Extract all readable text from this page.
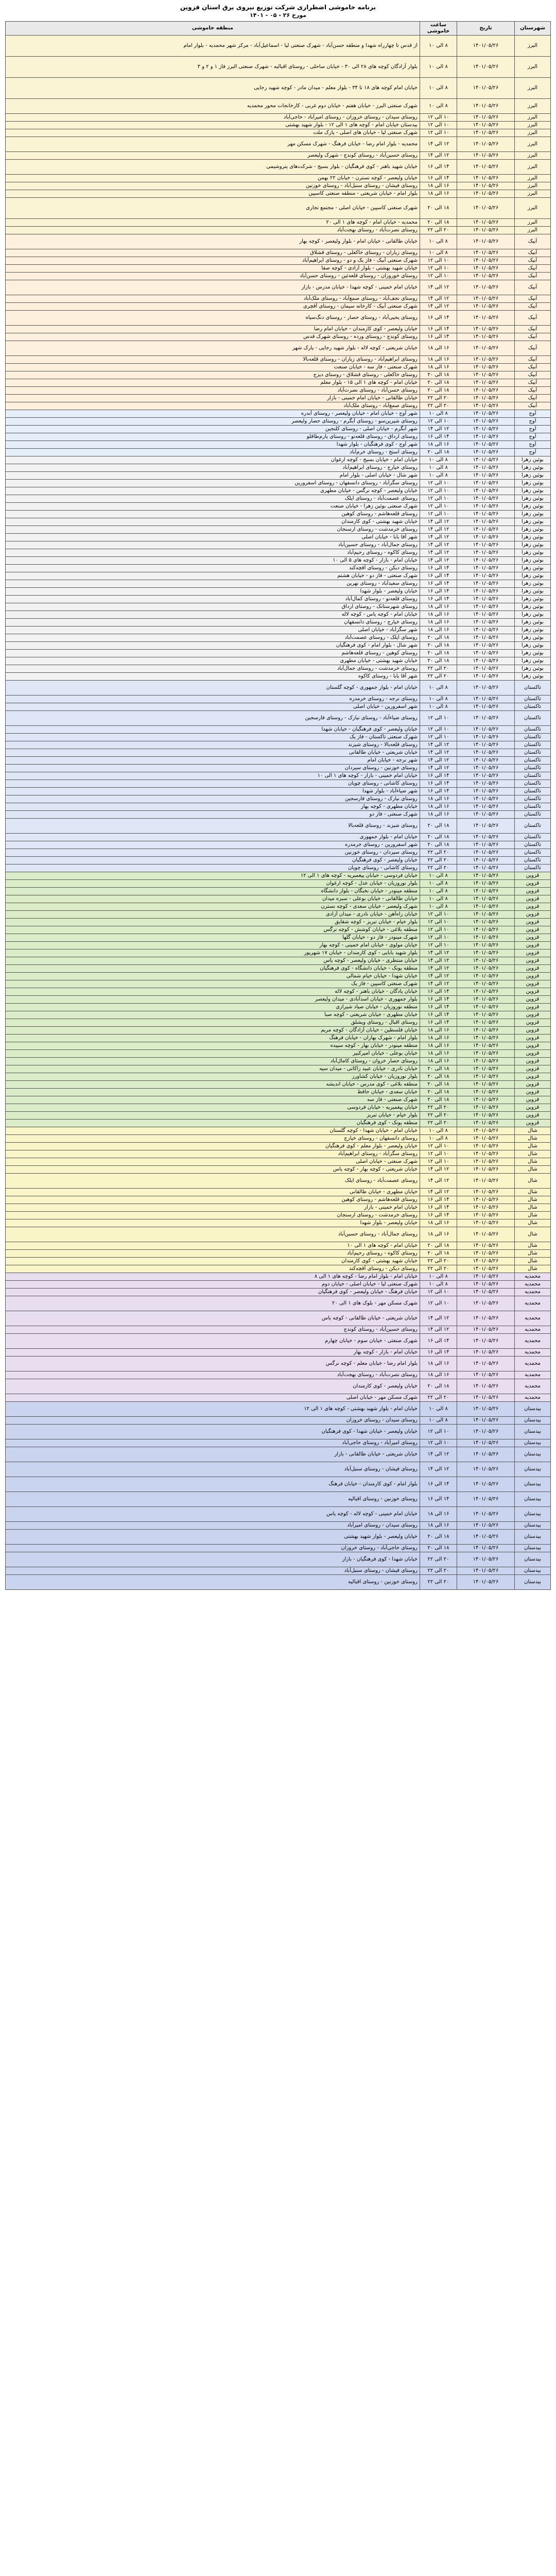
برنامه خاموشی اضطراری شرکت توزیع نیروی برق استان قزوین
مورخ ۲۶ - ۰۵ - ۱۴۰۱
شهرستان	تاریخ	ساعت خاموشی	منطقه خاموشی
البرز	۱۴۰۱/۰۵/۲۶	۸ الی ۱۰	از قدس تا چهارراه شهدا و منطقه حسن‌آباد - شهرک صنعتی لیا - اسماعیل‌آباد - مرکز شهر محمدیه - بلوار امام
البرز	۱۴۰۱/۰۵/۲۶	۸ الی ۱۰	بلوار آزادگان کوچه های ۲۸ الی ۳۰ - خیابان ساحلی - روستای اقبالیه - شهرک صنعتی البرز فاز ۱ و ۲ و ۳
البرز	۱۴۰۱/۰۵/۲۶	۸ الی ۱۰	خیابان امام کوچه های ۱۸ تا ۳۴ - بلوار معلم - میدان مادر - کوچه شهید رجایی
البرز	۱۴۰۱/۰۵/۲۶	۸ الی ۱۰	شهرک صنعتی البرز - خیابان هفتم - خیابان دوم غربی - کارخانجات محور محمدیه
البرز	۱۴۰۱/۰۵/۲۶	۱۰ الی ۱۲	روستای سیدان - روستای خروزان - روستای امیرآباد - حاجی‌آباد
البرز	۱۴۰۱/۰۵/۲۶	۱۰ الی ۱۲	بیدستان خیابان امام - کوچه های ۱ الی ۱۲ - بلوار شهید بهشتی
البرز	۱۴۰۱/۰۵/۲۶	۱۰ الی ۱۲	شهرک صنعتی لیا - خیابان های اصلی - پارک ملت
البرز	۱۴۰۱/۰۵/۲۶	۱۲ الی ۱۴	محمدیه - بلوار امام رضا - خیابان فرهنگ - شهرک مسکن مهر
البرز	۱۴۰۱/۰۵/۲۶	۱۲ الی ۱۴	روستای حسین‌آباد - روستای کوندج - شهرک ولیعصر
البرز	۱۴۰۱/۰۵/۲۶	۱۴ الی ۱۶	خیابان شهید باهنر - کوی فرهنگیان - بلوار بسیج - شرکت‌های پتروشیمی
البرز	۱۴۰۱/۰۵/۲۶	۱۴ الی ۱۶	خیابان ولیعصر - کوچه نسترن - خیابان ۲۲ بهمن
البرز	۱۴۰۱/۰۵/۲۶	۱۶ الی ۱۸	روستای فیشان - روستای سنبل‌آباد - روستای خوزنین
البرز	۱۴۰۱/۰۵/۲۶	۱۶ الی ۱۸	بلوار امام - خیابان شریعتی - منطقه صنعتی کاسپین
البرز	۱۴۰۱/۰۵/۲۶	۱۸ الی ۲۰	شهرک صنعتی کاسپین - خیابان اصلی - مجتمع تجاری
البرز	۱۴۰۱/۰۵/۲۶	۱۸ الی ۲۰	محمدیه - خیابان امام - کوچه های ۱ الی ۲۰
البرز	۱۴۰۱/۰۵/۲۶	۲۰ الی ۲۲	روستای نصرت‌آباد - روستای بهجت‌آباد
آبیک	۱۴۰۱/۰۵/۲۶	۸ الی ۱۰	خیابان طالقانی - خیابان امام - بلوار ولیعصر - کوچه بهار
آبیک	۱۴۰۱/۰۵/۲۶	۸ الی ۱۰	روستای زیاران - روستای خاکعلی - روستای قشلاق
آبیک	۱۴۰۱/۰۵/۲۶	۱۰ الی ۱۲	شهرک صنعتی آبیک - فاز یک و دو - روستای ابراهیم‌آباد
آبیک	۱۴۰۱/۰۵/۲۶	۱۰ الی ۱۲	خیابان شهید بهشتی - بلوار آزادی - کوچه صفا
آبیک	۱۴۰۱/۰۵/۲۶	۱۰ الی ۱۲	روستای خوروزان - روستای قلعه‌ئین - روستای حسن‌آباد
آبیک	۱۴۰۱/۰۵/۲۶	۱۲ الی ۱۴	خیابان امام خمینی - کوچه شهدا - خیابان مدرس - بازار
آبیک	۱۴۰۱/۰۵/۲۶	۱۲ الی ۱۴	روستای نجف‌آباد - روستای صمغ‌آباد - روستای ملک‌آباد
آبیک	۱۴۰۱/۰۵/۲۶	۱۲ الی ۱۴	شهرک صنعتی آبیک - کارخانه سیمان - روستای آقچری
آبیک	۱۴۰۱/۰۵/۲۶	۱۴ الی ۱۶	روستای یحیی‌آباد - روستای حصار - روستای دنگ‌سیاه
آبیک	۱۴۰۱/۰۵/۲۶	۱۴ الی ۱۶	خیابان ولیعصر - کوی کارمندان - خیابان امام رضا
آبیک	۱۴۰۱/۰۵/۲۶	۱۴ الی ۱۶	روستای کوندج - روستای ورده - روستای شهرک قدس
آبیک	۱۴۰۱/۰۵/۲۶	۱۶ الی ۱۸	خیابان شریعتی - کوچه لاله - بلوار شهید رجایی - پارک شهر
آبیک	۱۴۰۱/۰۵/۲۶	۱۶ الی ۱۸	روستای ابراهیم‌آباد - روستای زیاران - روستای قلعه‌بالا
آبیک	۱۴۰۱/۰۵/۲۶	۱۶ الی ۱۸	شهرک صنعتی - فاز سه - خیابان صنعت
آبیک	۱۴۰۱/۰۵/۲۶	۱۸ الی ۲۰	روستای خاکعلی - روستای قشلاق - روستای دیزج
آبیک	۱۴۰۱/۰۵/۲۶	۱۸ الی ۲۰	خیابان امام - کوچه های ۱ الی ۱۵ - بلوار معلم
آبیک	۱۴۰۱/۰۵/۲۶	۱۸ الی ۲۰	روستای حسن‌آباد - روستای نصرت‌آباد
آبیک	۱۴۰۱/۰۵/۲۶	۲۰ الی ۲۲	خیابان طالقانی - خیابان امام خمینی - بازار
آبیک	۱۴۰۱/۰۵/۲۶	۲۰ الی ۲۲	روستای صمغ‌آباد - روستای ملک‌آباد
آوج	۱۴۰۱/۰۵/۲۶	۸ الی ۱۰	شهر آوج - خیابان امام - خیابان ولیعصر - روستای آبدره
آوج	۱۴۰۱/۰۵/۲۶	۱۰ الی ۱۲	روستای شیرین‌سو - روستای آبگرم - روستای حصار ولیعصر
آوج	۱۴۰۱/۰۵/۲۶	۱۲ الی ۱۴	شهر آبگرم - خیابان اصلی - روستای کلنجین
آوج	۱۴۰۱/۰۵/۲۶	۱۴ الی ۱۶	روستای ارداق - روستای قلعه‌نو - روستای یارم‌طاقلو
آوج	۱۴۰۱/۰۵/۲۶	۱۶ الی ۱۸	شهر آوج - کوی فرهنگیان - بلوار شهدا
آوج	۱۴۰۱/۰۵/۲۶	۱۸ الی ۲۰	روستای استج - روستای خرم‌آباد
بوئین زهرا	۱۴۰۱/۰۵/۲۶	۸ الی ۱۰	خیابان امام - خیابان بسیج - کوچه ارغوان
بوئین زهرا	۱۴۰۱/۰۵/۲۶	۸ الی ۱۰	روستای خیارج - روستای ابراهیم‌آباد
بوئین زهرا	۱۴۰۱/۰۵/۲۶	۸ الی ۱۰	شهر شال - خیابان اصلی - بلوار امام
بوئین زهرا	۱۴۰۱/۰۵/۲۶	۱۰ الی ۱۲	روستای سگزآباد - روستای دانسفهان - روستای اسفرورین
بوئین زهرا	۱۴۰۱/۰۵/۲۶	۱۰ الی ۱۲	خیابان ولیعصر - کوچه نرگس - خیابان مطهری
بوئین زهرا	۱۴۰۱/۰۵/۲۶	۱۰ الی ۱۲	روستای عصمت‌آباد - روستای ایلک
بوئین زهرا	۱۴۰۱/۰۵/۲۶	۱۰ الی ۱۲	شهرک صنعتی بوئین زهرا - خیابان صنعت
بوئین زهرا	۱۴۰۱/۰۵/۲۶	۱۰ الی ۱۲	روستای قلعه‌هاشم - روستای کوهین
بوئین زهرا	۱۴۰۱/۰۵/۲۶	۱۲ الی ۱۴	خیابان شهید بهشتی - کوی کارمندان
بوئین زهرا	۱۴۰۱/۰۵/۲۶	۱۲ الی ۱۴	روستای خرمدشت - روستای ارسنجان
بوئین زهرا	۱۴۰۱/۰۵/۲۶	۱۲ الی ۱۴	شهر آقا بابا - خیابان اصلی
بوئین زهرا	۱۴۰۱/۰۵/۲۶	۱۲ الی ۱۴	روستای جمال‌آباد - روستای حسین‌آباد
بوئین زهرا	۱۴۰۱/۰۵/۲۶	۱۲ الی ۱۴	روستای کاکوه - روستای رحیم‌آباد
بوئین زهرا	۱۴۰۱/۰۵/۲۶	۱۲ الی ۱۴	خیابان امام - بازار - کوچه های ۵ الی ۱۰
بوئین زهرا	۱۴۰۱/۰۵/۲۶	۱۴ الی ۱۶	روستای دیکن - روستای آقچه‌کند
بوئین زهرا	۱۴۰۱/۰۵/۲۶	۱۴ الی ۱۶	شهرک صنعتی - فاز دو - خیابان هشتم
بوئین زهرا	۱۴۰۱/۰۵/۲۶	۱۴ الی ۱۶	روستای سعیدآباد - روستای نهرین
بوئین زهرا	۱۴۰۱/۰۵/۲۶	۱۴ الی ۱۶	خیابان ولیعصر - بلوار شهدا
بوئین زهرا	۱۴۰۱/۰۵/۲۶	۱۴ الی ۱۶	روستای قلعه‌نو - روستای کمال‌آباد
بوئین زهرا	۱۴۰۱/۰۵/۲۶	۱۶ الی ۱۸	روستای شهرستانک - روستای ارداق
بوئین زهرا	۱۴۰۱/۰۵/۲۶	۱۶ الی ۱۸	خیابان امام - کوچه یاس - کوچه لاله
بوئین زهرا	۱۴۰۱/۰۵/۲۶	۱۶ الی ۱۸	روستای خیارج - روستای دانسفهان
بوئین زهرا	۱۴۰۱/۰۵/۲۶	۱۶ الی ۱۸	شهر سگزآباد - خیابان اصلی
بوئین زهرا	۱۴۰۱/۰۵/۲۶	۱۸ الی ۲۰	روستای ایلک - روستای عصمت‌آباد
بوئین زهرا	۱۴۰۱/۰۵/۲۶	۱۸ الی ۲۰	شهر شال - بلوار امام - کوی فرهنگیان
بوئین زهرا	۱۴۰۱/۰۵/۲۶	۱۸ الی ۲۰	روستای کوهین - روستای قلعه‌هاشم
بوئین زهرا	۱۴۰۱/۰۵/۲۶	۱۸ الی ۲۰	خیابان شهید بهشتی - خیابان مطهری
بوئین زهرا	۱۴۰۱/۰۵/۲۶	۲۰ الی ۲۲	روستای خرمدشت - روستای جمال‌آباد
بوئین زهرا	۱۴۰۱/۰۵/۲۶	۲۰ الی ۲۲	شهر آقا بابا - روستای کاکوه
تاکستان	۱۴۰۱/۰۵/۲۶	۸ الی ۱۰	خیابان امام - بلوار جمهوری - کوچه گلستان
تاکستان	۱۴۰۱/۰۵/۲۶	۸ الی ۱۰	روستای نرجه - روستای خرمدره
تاکستان	۱۴۰۱/۰۵/۲۶	۸ الی ۱۰	شهر اسفرورین - خیابان اصلی
تاکستان	۱۴۰۱/۰۵/۲۶	۱۰ الی ۱۲	روستای ضیاءآباد - روستای نیارک - روستای فارسجین
تاکستان	۱۴۰۱/۰۵/۲۶	۱۰ الی ۱۲	خیابان ولیعصر - کوی فرهنگیان - خیابان شهدا
تاکستان	۱۴۰۱/۰۵/۲۶	۱۰ الی ۱۲	شهرک صنعتی تاکستان - فاز یک
تاکستان	۱۴۰۱/۰۵/۲۶	۱۲ الی ۱۴	روستای قلعه‌بالا - روستای شیزند
تاکستان	۱۴۰۱/۰۵/۲۶	۱۲ الی ۱۴	خیابان شریعتی - خیابان طالقانی
تاکستان	۱۴۰۱/۰۵/۲۶	۱۲ الی ۱۴	شهر نرجه - خیابان امام
تاکستان	۱۴۰۱/۰۵/۲۶	۱۲ الی ۱۴	روستای خوزنین - روستای سیردان
تاکستان	۱۴۰۱/۰۵/۲۶	۱۴ الی ۱۶	خیابان امام خمینی - بازار - کوچه های ۱ الی ۱۰
تاکستان	۱۴۰۱/۰۵/۲۶	۱۴ الی ۱۶	روستای کاشانی - روستای چوپان
تاکستان	۱۴۰۱/۰۵/۲۶	۱۴ الی ۱۶	شهر ضیاءآباد - بلوار شهدا
تاکستان	۱۴۰۱/۰۵/۲۶	۱۶ الی ۱۸	روستای نیارک - روستای فارسجین
تاکستان	۱۴۰۱/۰۵/۲۶	۱۶ الی ۱۸	خیابان مطهری - کوچه بهار
تاکستان	۱۴۰۱/۰۵/۲۶	۱۶ الی ۱۸	شهرک صنعتی - فاز دو
تاکستان	۱۴۰۱/۰۵/۲۶	۱۸ الی ۲۰	روستای شیزند - روستای قلعه‌بالا
تاکستان	۱۴۰۱/۰۵/۲۶	۱۸ الی ۲۰	خیابان امام - بلوار جمهوری
تاکستان	۱۴۰۱/۰۵/۲۶	۱۸ الی ۲۰	شهر اسفرورین - روستای خرمدره
تاکستان	۱۴۰۱/۰۵/۲۶	۲۰ الی ۲۲	روستای سیردان - روستای خوزنین
تاکستان	۱۴۰۱/۰۵/۲۶	۲۰ الی ۲۲	خیابان ولیعصر - کوی فرهنگیان
تاکستان	۱۴۰۱/۰۵/۲۶	۲۰ الی ۲۲	روستای کاشانی - روستای چوپان
قزوین	۱۴۰۱/۰۵/۲۶	۸ الی ۱۰	خیابان فردوسی - خیابان پیغمبریه - کوچه های ۱ الی ۱۲
قزوین	۱۴۰۱/۰۵/۲۶	۸ الی ۱۰	بلوار نوروزیان - خیابان عدل - کوچه ارغوان
قزوین	۱۴۰۱/۰۵/۲۶	۸ الی ۱۰	منطقه مینودر - خیابان نخبگان - بلوار دانشگاه
قزوین	۱۴۰۱/۰۵/۲۶	۸ الی ۱۰	خیابان طالقانی - خیابان بوعلی - سبزه میدان
قزوین	۱۴۰۱/۰۵/۲۶	۸ الی ۱۰	شهرک ولیعصر - خیابان سعدی - کوچه نسترن
قزوین	۱۴۰۱/۰۵/۲۶	۱۰ الی ۱۲	خیابان راه‌آهن - خیابان نادری - میدان آزادی
قزوین	۱۴۰۱/۰۵/۲۶	۱۰ الی ۱۲	بلوار خیام - خیابان تبریز - کوچه شقایق
قزوین	۱۴۰۱/۰۵/۲۶	۱۰ الی ۱۲	منطقه بلاغی - خیابان کوشش - کوچه نرگس
قزوین	۱۴۰۱/۰۵/۲۶	۱۰ الی ۱۲	شهرک مینودر - فاز دو - خیابان گلها
قزوین	۱۴۰۱/۰۵/۲۶	۱۰ الی ۱۲	خیابان مولوی - خیابان امام خمینی - کوچه بهار
قزوین	۱۴۰۱/۰۵/۲۶	۱۲ الی ۱۴	بلوار شهید بابایی - کوی کارمندان - خیابان ۱۷ شهریور
قزوین	۱۴۰۱/۰۵/۲۶	۱۲ الی ۱۴	خیابان منتظری - خیابان ولیعصر - کوچه یاس
قزوین	۱۴۰۱/۰۵/۲۶	۱۲ الی ۱۴	منطقه پونک - خیابان دانشگاه - کوی فرهنگیان
قزوین	۱۴۰۱/۰۵/۲۶	۱۲ الی ۱۴	خیابان شهدا - خیابان خیام شمالی
قزوین	۱۴۰۱/۰۵/۲۶	۱۲ الی ۱۴	شهرک صنعتی کاسپین - فاز یک
قزوین	۱۴۰۱/۰۵/۲۶	۱۴ الی ۱۶	خیابان پادگان - خیابان باهنر - کوچه لاله
قزوین	۱۴۰۱/۰۵/۲۶	۱۴ الی ۱۶	بلوار جمهوری - خیابان اسدآبادی - میدان ولیعصر
قزوین	۱۴۰۱/۰۵/۲۶	۱۴ الی ۱۶	منطقه نوروزیان - خیابان صیاد شیرازی
قزوین	۱۴۰۱/۰۵/۲۶	۱۴ الی ۱۶	خیابان مطهری - خیابان شریعتی - کوچه صبا
قزوین	۱۴۰۱/۰۵/۲۶	۱۴ الی ۱۶	روستای اقبال - روستای ویشلق
قزوین	۱۴۰۱/۰۵/۲۶	۱۶ الی ۱۸	خیابان فلسطین - خیابان آزادگان - کوچه مریم
قزوین	۱۴۰۱/۰۵/۲۶	۱۶ الی ۱۸	بلوار امام - شهرک بهاران - خیابان فرهنگ
قزوین	۱۴۰۱/۰۵/۲۶	۱۶ الی ۱۸	منطقه مینودر - خیابان بهار - کوچه سپیده
قزوین	۱۴۰۱/۰۵/۲۶	۱۶ الی ۱۸	خیابان بوعلی - خیابان امیرکبیر
قزوین	۱۴۰۱/۰۵/۲۶	۱۶ الی ۱۸	روستای حصار خروان - روستای کامال‌آباد
قزوین	۱۴۰۱/۰۵/۲۶	۱۸ الی ۲۰	خیابان نادری - خیابان عبید زاکانی - میدان سپه
قزوین	۱۴۰۱/۰۵/۲۶	۱۸ الی ۲۰	بلوار نوروزیان - خیابان کشاورز
قزوین	۱۴۰۱/۰۵/۲۶	۱۸ الی ۲۰	منطقه بلاغی - کوی مدرس - خیابان اندیشه
قزوین	۱۴۰۱/۰۵/۲۶	۱۸ الی ۲۰	خیابان سعدی - خیابان حافظ
قزوین	۱۴۰۱/۰۵/۲۶	۱۸ الی ۲۰	شهرک صنعتی - فاز سه
قزوین	۱۴۰۱/۰۵/۲۶	۲۰ الی ۲۲	خیابان پیغمبریه - خیابان فردوسی
قزوین	۱۴۰۱/۰۵/۲۶	۲۰ الی ۲۲	بلوار خیام - خیابان تبریز
قزوین	۱۴۰۱/۰۵/۲۶	۲۰ الی ۲۲	منطقه پونک - کوی فرهنگیان
شال	۱۴۰۱/۰۵/۲۶	۸ الی ۱۰	خیابان امام - خیابان شهدا - کوچه گلستان
شال	۱۴۰۱/۰۵/۲۶	۸ الی ۱۰	روستای دانسفهان - روستای خیارج
شال	۱۴۰۱/۰۵/۲۶	۱۰ الی ۱۲	خیابان ولیعصر - بلوار معلم - کوی فرهنگیان
شال	۱۴۰۱/۰۵/۲۶	۱۰ الی ۱۲	روستای سگزآباد - روستای ابراهیم‌آباد
شال	۱۴۰۱/۰۵/۲۶	۱۰ الی ۱۲	شهرک صنعتی - خیابان اصلی
شال	۱۴۰۱/۰۵/۲۶	۱۲ الی ۱۴	خیابان شریعتی - کوچه بهار - کوچه یاس
شال	۱۴۰۱/۰۵/۲۶	۱۲ الی ۱۴	روستای عصمت‌آباد - روستای ایلک
شال	۱۴۰۱/۰۵/۲۶	۱۲ الی ۱۴	خیابان مطهری - خیابان طالقانی
شال	۱۴۰۱/۰۵/۲۶	۱۴ الی ۱۶	روستای قلعه‌هاشم - روستای کوهین
شال	۱۴۰۱/۰۵/۲۶	۱۴ الی ۱۶	خیابان امام خمینی - بازار
شال	۱۴۰۱/۰۵/۲۶	۱۴ الی ۱۶	روستای خرمدشت - روستای ارسنجان
شال	۱۴۰۱/۰۵/۲۶	۱۶ الی ۱۸	خیابان ولیعصر - بلوار شهدا
شال	۱۴۰۱/۰۵/۲۶	۱۶ الی ۱۸	روستای جمال‌آباد - روستای حسین‌آباد
شال	۱۴۰۱/۰۵/۲۶	۱۸ الی ۲۰	خیابان امام - کوچه های ۱ الی ۱۰
شال	۱۴۰۱/۰۵/۲۶	۱۸ الی ۲۰	روستای کاکوه - روستای رحیم‌آباد
شال	۱۴۰۱/۰۵/۲۶	۲۰ الی ۲۲	خیابان شهید بهشتی - کوی کارمندان
شال	۱۴۰۱/۰۵/۲۶	۲۰ الی ۲۲	روستای دیکن - روستای آقچه‌کند
محمدیه	۱۴۰۱/۰۵/۲۶	۸ الی ۱۰	خیابان امام - بلوار امام رضا - کوچه های ۱ الی ۸
محمدیه	۱۴۰۱/۰۵/۲۶	۸ الی ۱۰	شهرک صنعتی لیا - خیابان اصلی - خیابان دوم
محمدیه	۱۴۰۱/۰۵/۲۶	۱۰ الی ۱۲	خیابان فرهنگ - خیابان ولیعصر - کوی فرهنگیان
محمدیه	۱۴۰۱/۰۵/۲۶	۱۰ الی ۱۲	شهرک مسکن مهر - بلوک های ۱ الی ۲۰
محمدیه	۱۴۰۱/۰۵/۲۶	۱۲ الی ۱۴	خیابان شریعتی - خیابان طالقانی - کوچه یاس
محمدیه	۱۴۰۱/۰۵/۲۶	۱۲ الی ۱۴	روستای حسین‌آباد - روستای کوندج
محمدیه	۱۴۰۱/۰۵/۲۶	۱۴ الی ۱۶	شهرک صنعتی - خیابان سوم - خیابان چهارم
محمدیه	۱۴۰۱/۰۵/۲۶	۱۴ الی ۱۶	خیابان امام - بازار - کوچه بهار
محمدیه	۱۴۰۱/۰۵/۲۶	۱۶ الی ۱۸	بلوار امام رضا - خیابان معلم - کوچه نرگس
محمدیه	۱۴۰۱/۰۵/۲۶	۱۶ الی ۱۸	روستای نصرت‌آباد - روستای بهجت‌آباد
محمدیه	۱۴۰۱/۰۵/۲۶	۱۸ الی ۲۰	خیابان ولیعصر - کوی کارمندان
محمدیه	۱۴۰۱/۰۵/۲۶	۲۰ الی ۲۲	شهرک مسکن مهر - خیابان اصلی
بیدستان	۱۴۰۱/۰۵/۲۶	۸ الی ۱۰	خیابان امام - بلوار شهید بهشتی - کوچه های ۱ الی ۱۲
بیدستان	۱۴۰۱/۰۵/۲۶	۸ الی ۱۰	روستای سیدان - روستای خروزان
بیدستان	۱۴۰۱/۰۵/۲۶	۱۰ الی ۱۲	خیابان ولیعصر - خیابان شهدا - کوی فرهنگیان
بیدستان	۱۴۰۱/۰۵/۲۶	۱۰ الی ۱۲	روستای امیرآباد - روستای حاجی‌آباد
بیدستان	۱۴۰۱/۰۵/۲۶	۱۲ الی ۱۴	خیابان شریعتی - خیابان طالقانی - بازار
بیدستان	۱۴۰۱/۰۵/۲۶	۱۲ الی ۱۴	روستای فیشان - روستای سنبل‌آباد
بیدستان	۱۴۰۱/۰۵/۲۶	۱۴ الی ۱۶	بلوار امام - کوی کارمندان - خیابان فرهنگ
بیدستان	۱۴۰۱/۰۵/۲۶	۱۴ الی ۱۶	روستای خوزنین - روستای اقبالیه
بیدستان	۱۴۰۱/۰۵/۲۶	۱۶ الی ۱۸	خیابان امام خمینی - کوچه لاله - کوچه یاس
بیدستان	۱۴۰۱/۰۵/۲۶	۱۶ الی ۱۸	روستای سیدان - روستای امیرآباد
بیدستان	۱۴۰۱/۰۵/۲۶	۱۸ الی ۲۰	خیابان ولیعصر - بلوار شهید بهشتی
بیدستان	۱۴۰۱/۰۵/۲۶	۱۸ الی ۲۰	روستای حاجی‌آباد - روستای خروزان
بیدستان	۱۴۰۱/۰۵/۲۶	۲۰ الی ۲۲	خیابان شهدا - کوی فرهنگیان - بازار
بیدستان	۱۴۰۱/۰۵/۲۶	۲۰ الی ۲۲	روستای فیشان - روستای سنبل‌آباد
بیدستان	۱۴۰۱/۰۵/۲۶	۲۰ الی ۲۲	روستای خوزنین - روستای اقبالیه
